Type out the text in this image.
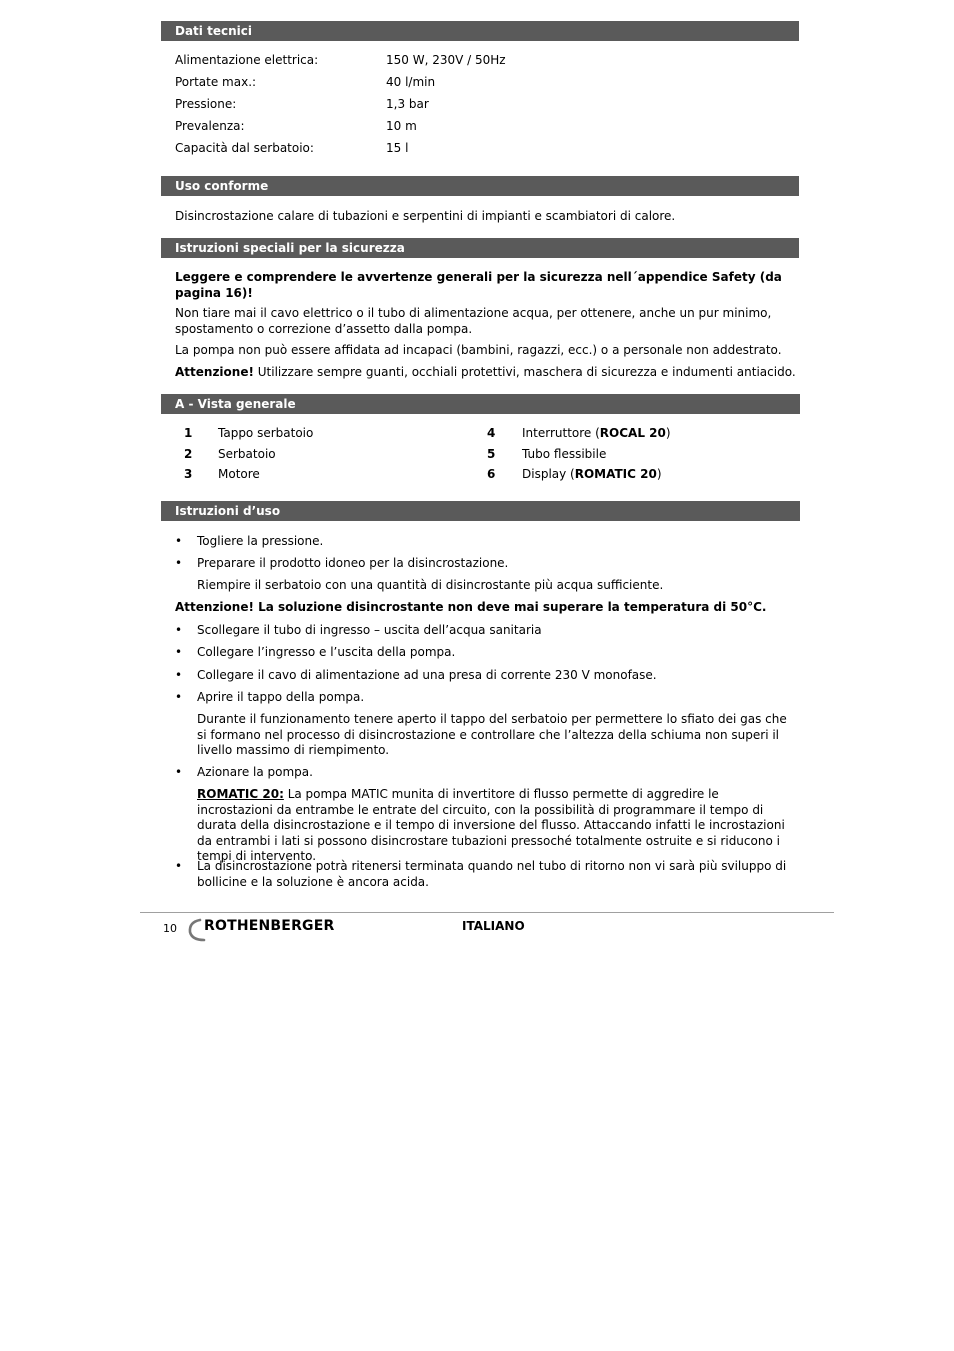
Dati tecnici
Alimentazione elettrica:	150 W, 230V / 50Hz
Portate max.:	40 l/min
Pressione:	1,3 bar
Prevalenza:	10 m
Capacità dal serbatoio:	15 l
Uso conforme
Disincrostazione calare di tubazioni e serpentini di impianti e scambiatori di calore.
Istruzioni speciali per la sicurezza
Leggere e comprendere le avvertenze generali per la sicurezza nell´appendice Safety (da
pagina 16)!
Non tiare mai il cavo elettrico o il tubo di alimentazione acqua, per ottenere, anche un pur minimo, spostamento o correzione d’assetto dalla pompa.
La pompa non può essere affidata ad incapaci (bambini, ragazzi, ecc.) o a personale non addestrato.
Attenzione! Utilizzare sempre guanti, occhiali protettivi, maschera di sicurezza e indumenti antiacido.
A - Vista generale
1 Tappo serbatoio
2 Serbatoio
3 Motore
4 Interruttore (ROCAL 20)
5 Tubo flessibile
6 Display (ROMATIC 20)
Istruzioni d’uso
• Togliere la pressione.
• Preparare il prodotto idoneo per la disincrostazione.
Riempire il serbatoio con una quantità di disincrostante più acqua sufficiente.
Attenzione! La soluzione disincrostante non deve mai superare la temperatura di 50°C.
• Scollegare il tubo di ingresso – uscita dell’acqua sanitaria
• Collegare l’ingresso e l’uscita della pompa.
• Collegare il cavo di alimentazione ad una presa di corrente 230 V monofase.
• Aprire il tappo della pompa.
Durante il funzionamento tenere aperto il tappo del serbatoio per permettere lo sfiato dei gas che si formano nel processo di disincrostazione e controllare che l’altezza della schiuma non superi il livello massimo di riempimento.
• Azionare la pompa.
ROMATIC 20: La pompa MATIC munita di invertitore di flusso permette di aggredire le incrostazioni da entrambe le entrate del circuito, con la possibilità di programmare il tempo di durata della disincrostazione e il tempo di inversione del flusso. Attaccando infatti le incrostazioni da entrambi i lati si possono disincrostare tubazioni pressoché totalmente ostruite e si riducono i tempi di intervento.
• La disincrostazione potrà ritenersi terminata quando nel tubo di ritorno non vi sarà più sviluppo di bollicine e la soluzione è ancora acida.
10 ROTHENBERGER	ITALIANO
